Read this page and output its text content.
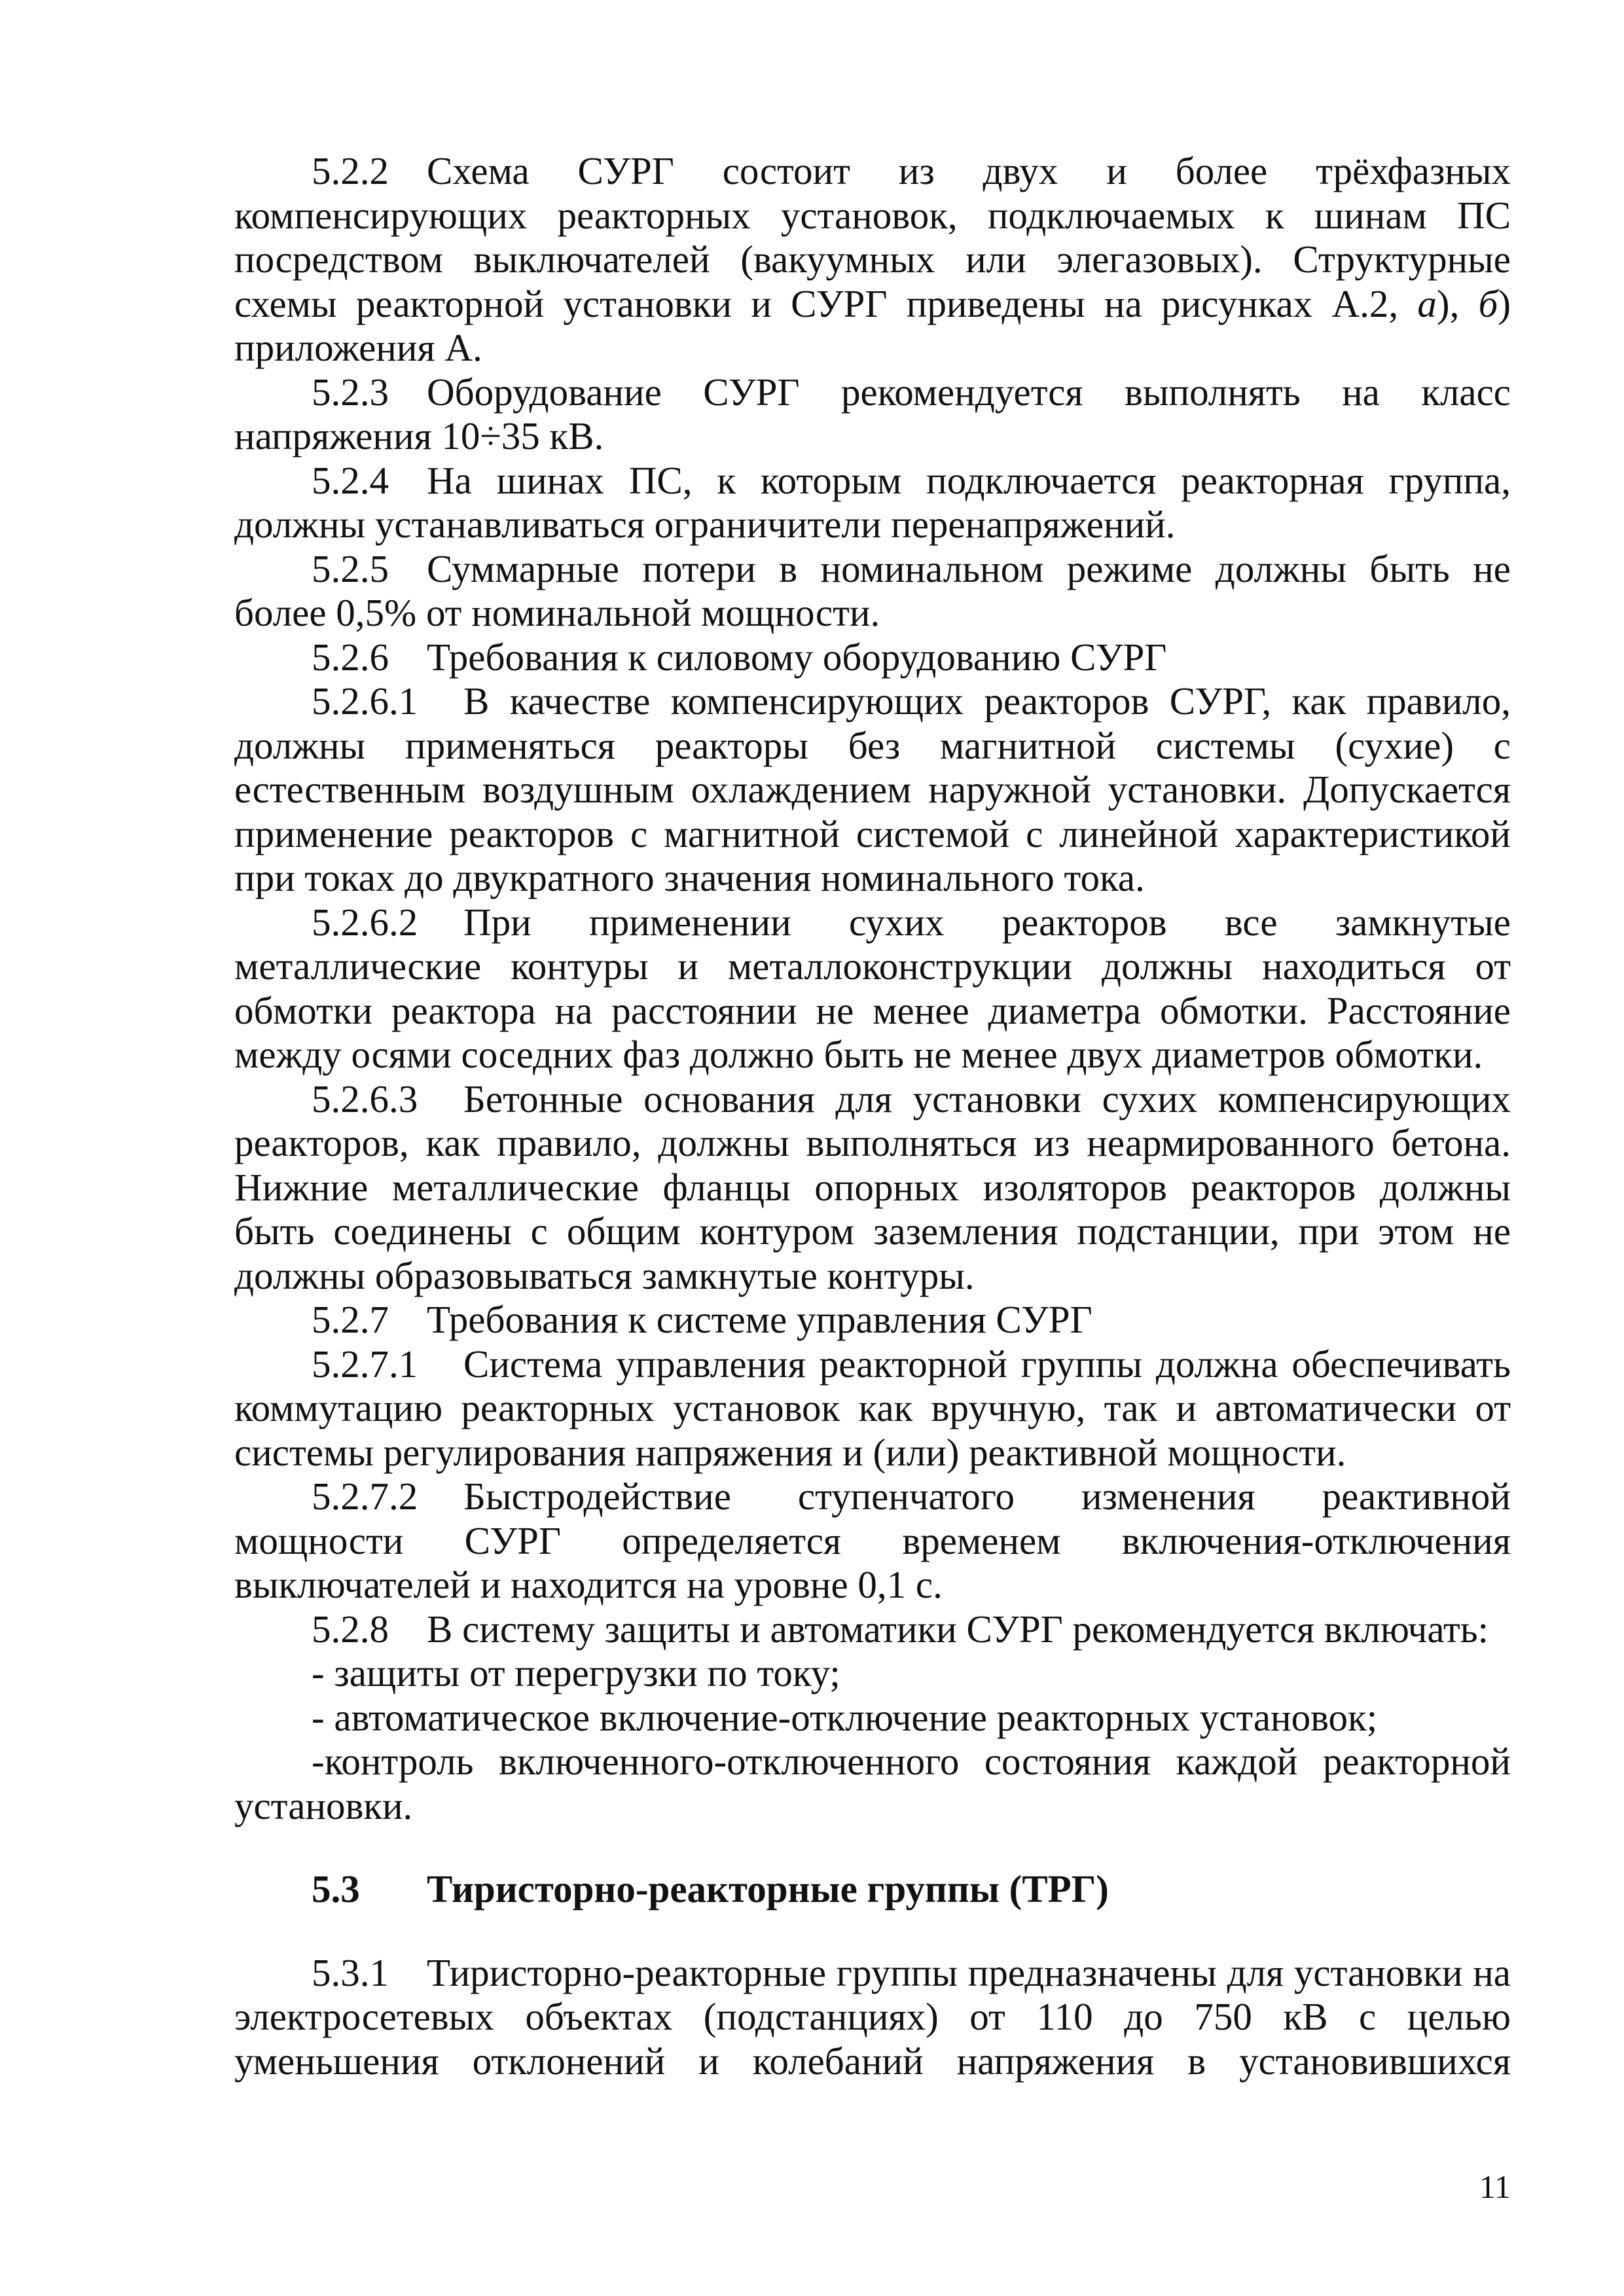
5.2.2 Схема СУРГ состоит из двух и более трёхфазных компенсирующих реакторных установок, подключаемых к шинам ПС посредством выключателей (вакуумных или элегазовых). Структурные схемы реакторной установки и СУРГ приведены на рисунках А.2, а), б) приложения А.

5.2.3 Оборудование СУРГ рекомендуется выполнять на класс напряжения 10÷35 кВ.

5.2.4 На шинах ПС, к которым подключается реакторная группа, должны устанавливаться ограничители перенапряжений.

5.2.5 Суммарные потери в номинальном режиме должны быть не более 0,5% от номинальной мощности.

5.2.6 Требования к силовому оборудованию СУРГ

5.2.6.1 В качестве компенсирующих реакторов СУРГ, как правило, должны применяться реакторы без магнитной системы (сухие) с естественным воздушным охлаждением наружной установки. Допускается применение реакторов с магнитной системой с линейной характеристикой при токах до двукратного значения номинального тока.

5.2.6.2 При применении сухих реакторов все замкнутые металлические контуры и металлоконструкции должны находиться от обмотки реактора на расстоянии не менее диаметра обмотки. Расстояние между осями соседних фаз должно быть не менее двух диаметров обмотки.

5.2.6.3 Бетонные основания для установки сухих компенсирующих реакторов, как правило, должны выполняться из неармированного бетона. Нижние металлические фланцы опорных изоляторов реакторов должны быть соединены с общим контуром заземления подстанции, при этом не должны образовываться замкнутые контуры.

5.2.7 Требования к системе управления СУРГ

5.2.7.1 Система управления реакторной группы должна обеспечивать коммутацию реакторных установок как вручную, так и автоматически от системы регулирования напряжения и (или) реактивной мощности.

5.2.7.2 Быстродействие ступенчатого изменения реактивной мощности СУРГ определяется временем включения-отключения выключателей и находится на уровне 0,1 с.

5.2.8 В систему защиты и автоматики СУРГ рекомендуется включать:

- защиты от перегрузки по току;

- автоматическое включение-отключение реакторных установок;

-контроль включенного-отключенного состояния каждой реакторной установки.

5.3 Тиристорно-реакторные группы (ТРГ)

5.3.1 Тиристорно-реакторные группы предназначены для установки на электросетевых объектах (подстанциях) от 110 до 750 кВ с целью уменьшения отклонений и колебаний напряжения в установившихся

11
